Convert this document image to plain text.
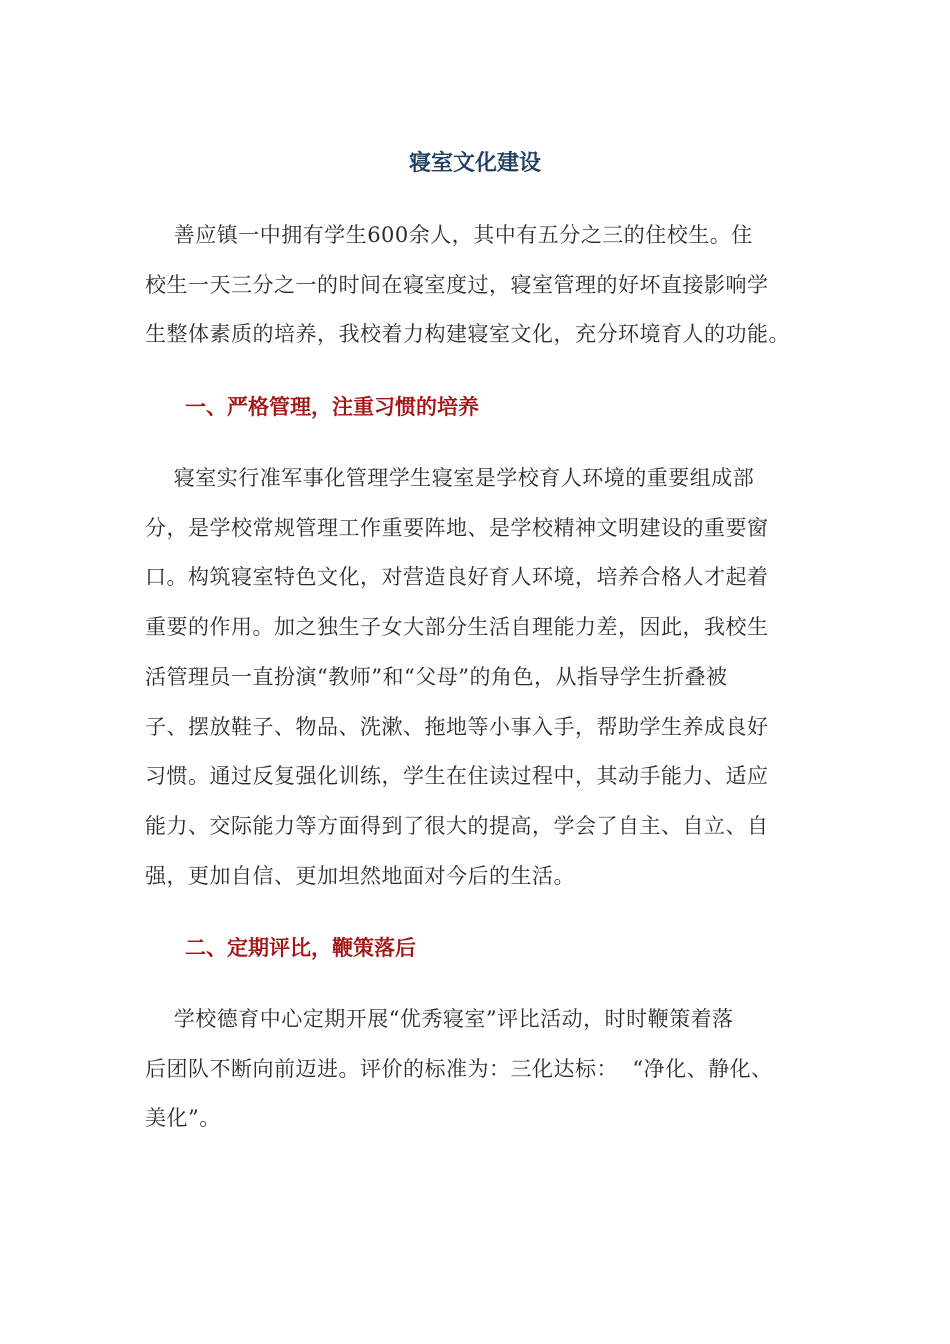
寝室文化建设
善应镇一中拥有学生600余人，其中有五分之三的住校生。住
校生一天三分之一的时间在寝室度过，寝室管理的好坏直接影响学
生整体素质的培养，我校着力构建寝室文化，充分环境育人的功能。
一、严格管理，注重习惯的培养
寝室实行准军事化管理学生寝室是学校育人环境的重要组成部
分，是学校常规管理工作重要阵地、是学校精神文明建设的重要窗
口。构筑寝室特色文化，对营造良好育人环境，培养合格人才起着
重要的作用。加之独生子女大部分生活自理能力差，因此，我校生
活管理员一直扮演“教师”和“父母”的角色，从指导学生折叠被
子、摆放鞋子、物品、洗漱、拖地等小事入手，帮助学生养成良好
习惯。通过反复强化训练，学生在住读过程中，其动手能力、适应
能力、交际能力等方面得到了很大的提高，学会了自主、自立、自
强，更加自信、更加坦然地面对今后的生活。
二、定期评比，鞭策落后
学校德育中心定期开展“优秀寝室”评比活动，时时鞭策着落
后团队不断向前迈进。评价的标准为：三化达标：  “净化、静化、
美化”。
